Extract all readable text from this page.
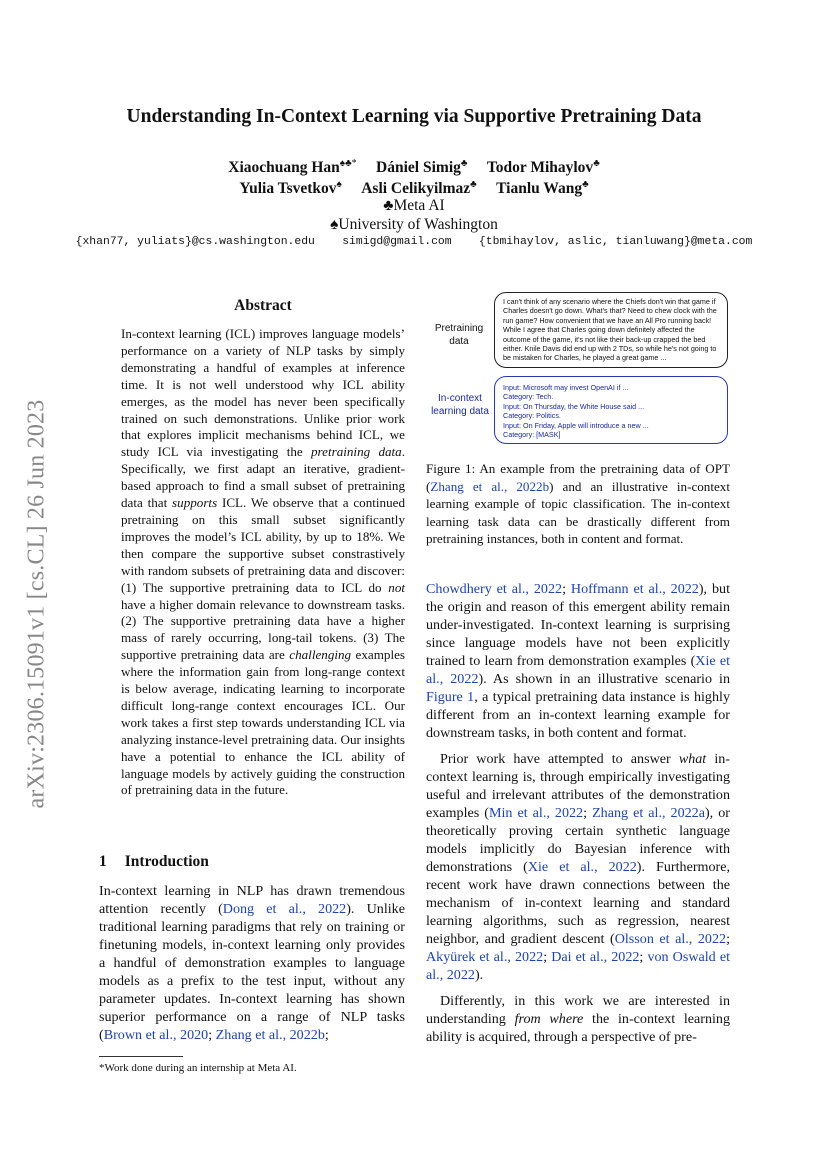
arXiv:2306.15091v1 [cs.CL] 26 Jun 2023
Understanding In-Context Learning via Supportive Pretraining Data
Xiaochuang Han♠♣* Dániel Simig♣ Todor Mihaylov♣
Yulia Tsvetkov♠ Asli Celikyilmaz♣ Tianlu Wang♣
♣Meta AI
♠University of Washington
{xhan77, yuliats}@cs.washington.edu    simigd@gmail.com    {tbmihaylov, aslic, tianluwang}@meta.com
Abstract
In-context learning (ICL) improves language models’ performance on a variety of NLP tasks by simply demonstrating a handful of examples at inference time. It is not well understood why ICL ability emerges, as the model has never been specifically trained on such demonstrations. Unlike prior work that explores implicit mechanisms behind ICL, we study ICL via investigating the pretraining data. Specifically, we first adapt an iterative, gradient-based approach to find a small subset of pretraining data that supports ICL. We observe that a continued pretraining on this small subset significantly improves the model’s ICL ability, by up to 18%. We then compare the supportive subset constrastively with random subsets of pretraining data and discover: (1) The supportive pretraining data to ICL do not have a higher domain relevance to downstream tasks. (2) The supportive pretraining data have a higher mass of rarely occurring, long-tail tokens. (3) The supportive pretraining data are challenging examples where the information gain from long-range context is below average, indicating learning to incorporate difficult long-range context encourages ICL. Our work takes a first step towards understanding ICL via analyzing instance-level pretraining data. Our insights have a potential to enhance the ICL ability of language models by actively guiding the construction of pretraining data in the future.
1 Introduction
In-context learning in NLP has drawn tremendous attention recently (Dong et al., 2022). Unlike traditional learning paradigms that rely on training or finetuning models, in-context learning only provides a handful of demonstration examples to language models as a prefix to the test input, without any parameter updates. In-context learning has shown superior performance on a range of NLP tasks (Brown et al., 2020; Zhang et al., 2022b;
*Work done during an internship at Meta AI.
Pretraining data
I can't think of any scenario where the Chiefs don't win that game if Charles doesn't go down. What's that? Need to chew clock with the run game? How convenient that we have an All Pro running back! While I agree that Charles going down definitely affected the outcome of the game, it's not like their back-up crapped the bed either. Knile Davis did end up with 2 TDs, so while he's not going to be mistaken for Charles, he played a great game ...
In-context learning data
Input: Microsoft may invest OpenAI if ...
Category: Tech.
Input: On Thursday, the White House said ...
Category: Politics.
Input: On Friday, Apple will introduce a new ...
Category: [MASK]
Figure 1: An example from the pretraining data of OPT (Zhang et al., 2022b) and an illustrative in-context learning example of topic classification. The in-context learning task data can be drastically different from pretraining instances, both in content and format.

Chowdhery et al., 2022; Hoffmann et al., 2022), but the origin and reason of this emergent ability remain under-investigated. In-context learning is surprising since language models have not been explicitly trained to learn from demonstration examples (Xie et al., 2022). As shown in an illustrative scenario in Figure 1, a typical pretraining data instance is highly different from an in-context learning example for downstream tasks, in both content and format.

Prior work have attempted to answer what in-context learning is, through empirically investigating useful and irrelevant attributes of the demonstration examples (Min et al., 2022; Zhang et al., 2022a), or theoretically proving certain synthetic language models implicitly do Bayesian inference with demonstrations (Xie et al., 2022). Furthermore, recent work have drawn connections between the mechanism of in-context learning and standard learning algorithms, such as regression, nearest neighbor, and gradient descent (Olsson et al., 2022; Akyürek et al., 2022; Dai et al., 2022; von Oswald et al., 2022).

Differently, in this work we are interested in understanding from where the in-context learning ability is acquired, through a perspective of pre-
